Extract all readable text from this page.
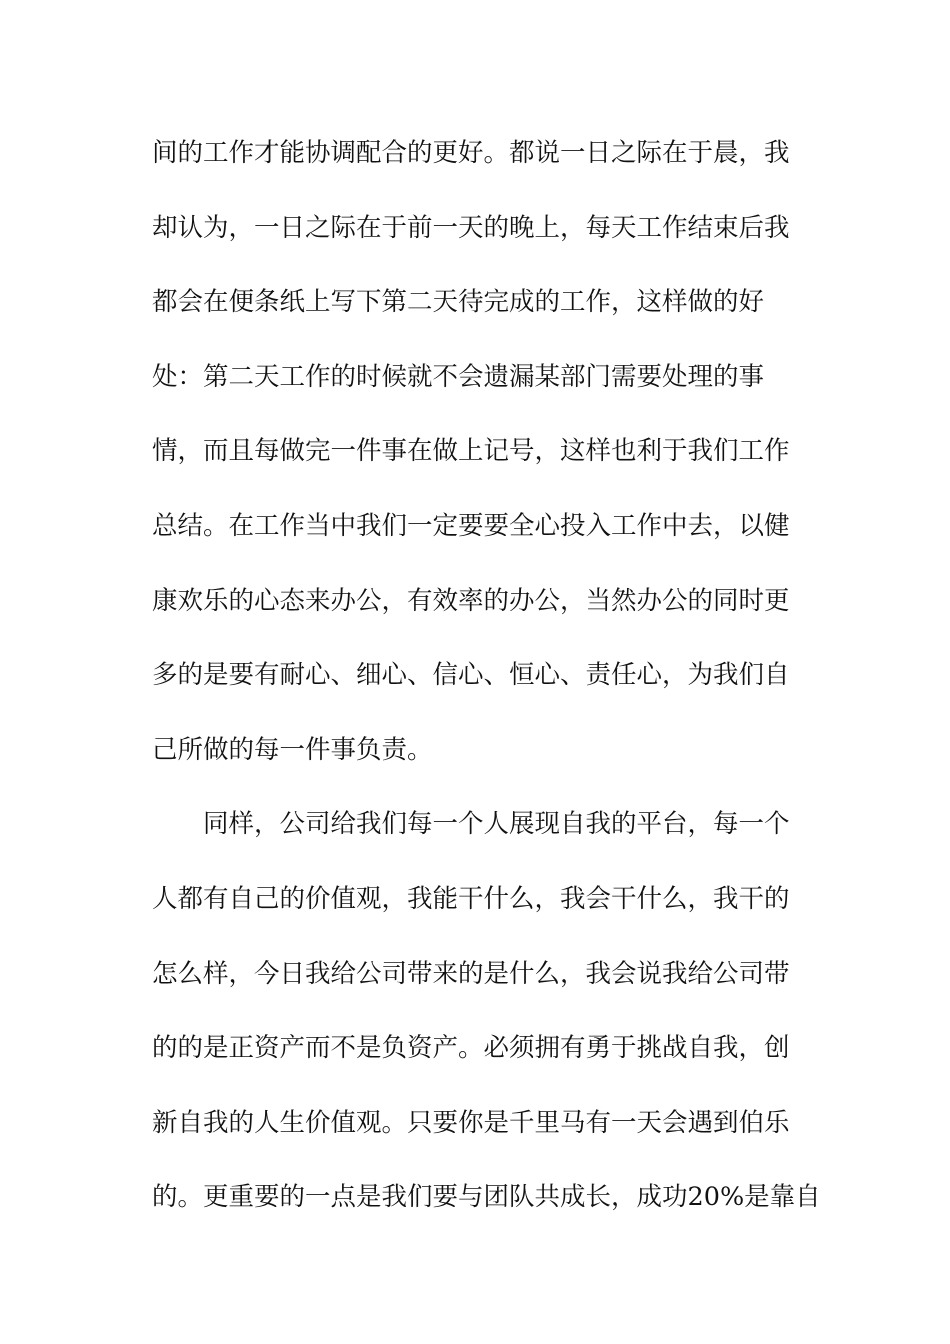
间的工作才能协调配合的更好。都说一日之际在于晨，我
却认为，一日之际在于前一天的晚上，每天工作结束后我
都会在便条纸上写下第二天待完成的工作，这样做的好
处：第二天工作的时候就不会遗漏某部门需要处理的事
情，而且每做完一件事在做上记号，这样也利于我们工作
总结。在工作当中我们一定要要全心投入工作中去，以健
康欢乐的心态来办公，有效率的办公，当然办公的同时更
多的是要有耐心、细心、信心、恒心、责任心，为我们自
己所做的每一件事负责。
同样，公司给我们每一个人展现自我的平台，每一个
人都有自己的价值观，我能干什么，我会干什么，我干的
怎么样，今日我给公司带来的是什么，我会说我给公司带
的的是正资产而不是负资产。必须拥有勇于挑战自我，创
新自我的人生价值观。只要你是千里马有一天会遇到伯乐
的。更重要的一点是我们要与团队共成长，成功20%是靠自
